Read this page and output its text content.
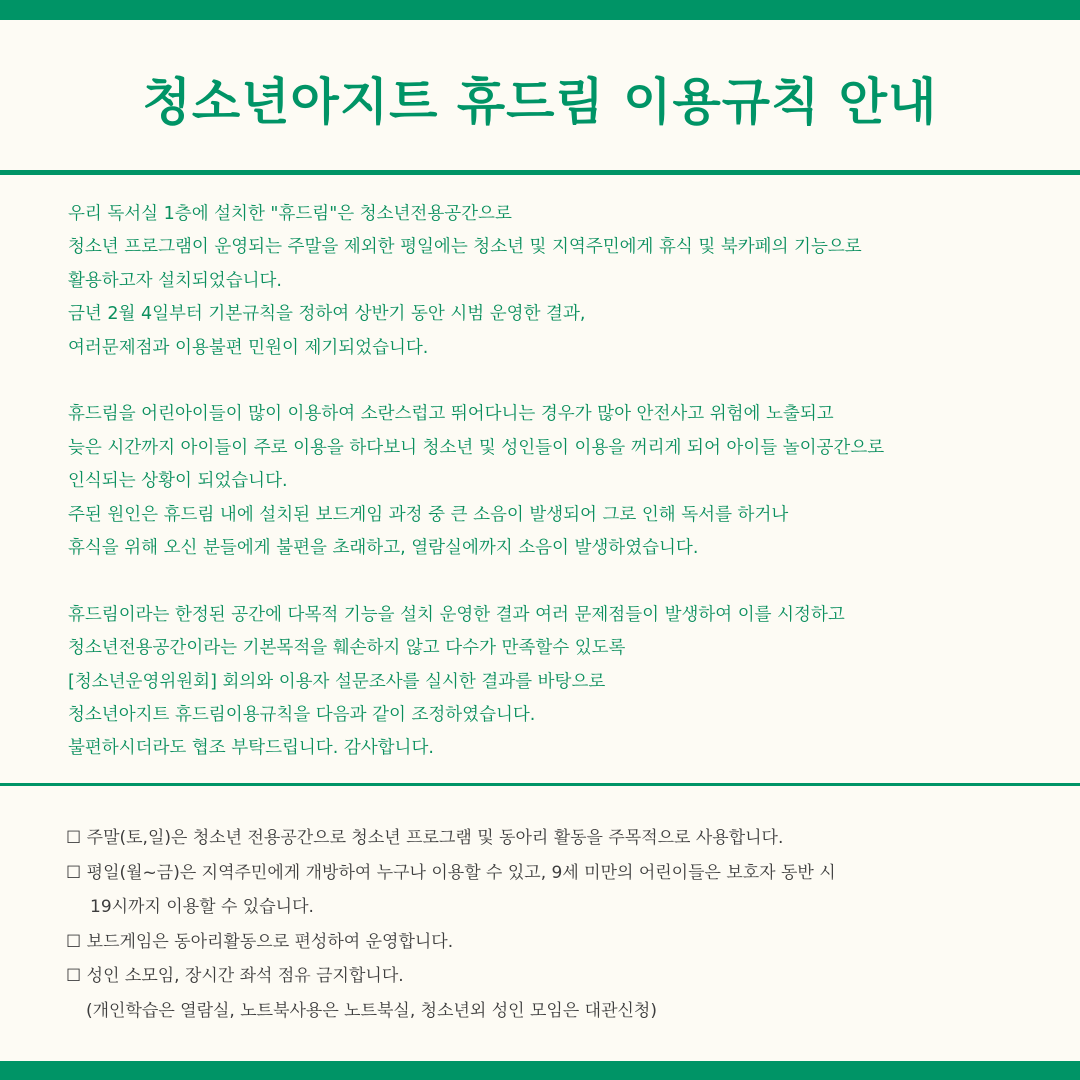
청소년아지트 휴드림 이용규칙 안내

우리 독서실 1층에 설치한 "휴드림"은 청소년전용공간으로
청소년 프로그램이 운영되는 주말을 제외한 평일에는 청소년 및 지역주민에게 휴식 및 북카페의 기능으로
활용하고자 설치되었습니다.
금년 2월 4일부터 기본규칙을 정하여 상반기 동안 시범 운영한 결과,
여러문제점과 이용불편 민원이 제기되었습니다.

휴드림을 어린아이들이 많이 이용하여 소란스럽고 뛰어다니는 경우가 많아 안전사고 위험에 노출되고
늦은 시간까지 아이들이 주로 이용을 하다보니 청소년 및 성인들이 이용을 꺼리게 되어 아이들 놀이공간으로
인식되는 상황이 되었습니다.
주된 원인은 휴드림 내에 설치된 보드게임 과정 중 큰 소음이 발생되어 그로 인해 독서를 하거나
휴식을 위해 오신 분들에게 불편을 초래하고, 열람실에까지 소음이 발생하였습니다.

휴드림이라는 한정된 공간에 다목적 기능을 설치 운영한 결과 여러 문제점들이 발생하여 이를 시정하고
청소년전용공간이라는 기본목적을 훼손하지 않고 다수가 만족할수 있도록
[청소년운영위원회] 회의와 이용자 설문조사를 실시한 결과를 바탕으로
청소년아지트 휴드림이용규칙을 다음과 같이 조정하였습니다.
불편하시더라도 협조 부탁드립니다. 감사합니다.

☐ 주말(토,일)은 청소년 전용공간으로 청소년 프로그램 및 동아리 활동을 주목적으로 사용합니다.
☐ 평일(월~금)은 지역주민에게 개방하여 누구나 이용할 수 있고, 9세 미만의 어린이들은 보호자 동반 시
19시까지 이용할 수 있습니다.
☐ 보드게임은 동아리활동으로 편성하여 운영합니다.
☐ 성인 소모임, 장시간 좌석 점유 금지합니다.
(개인학습은 열람실, 노트북사용은 노트북실, 청소년외 성인 모임은 대관신청)
